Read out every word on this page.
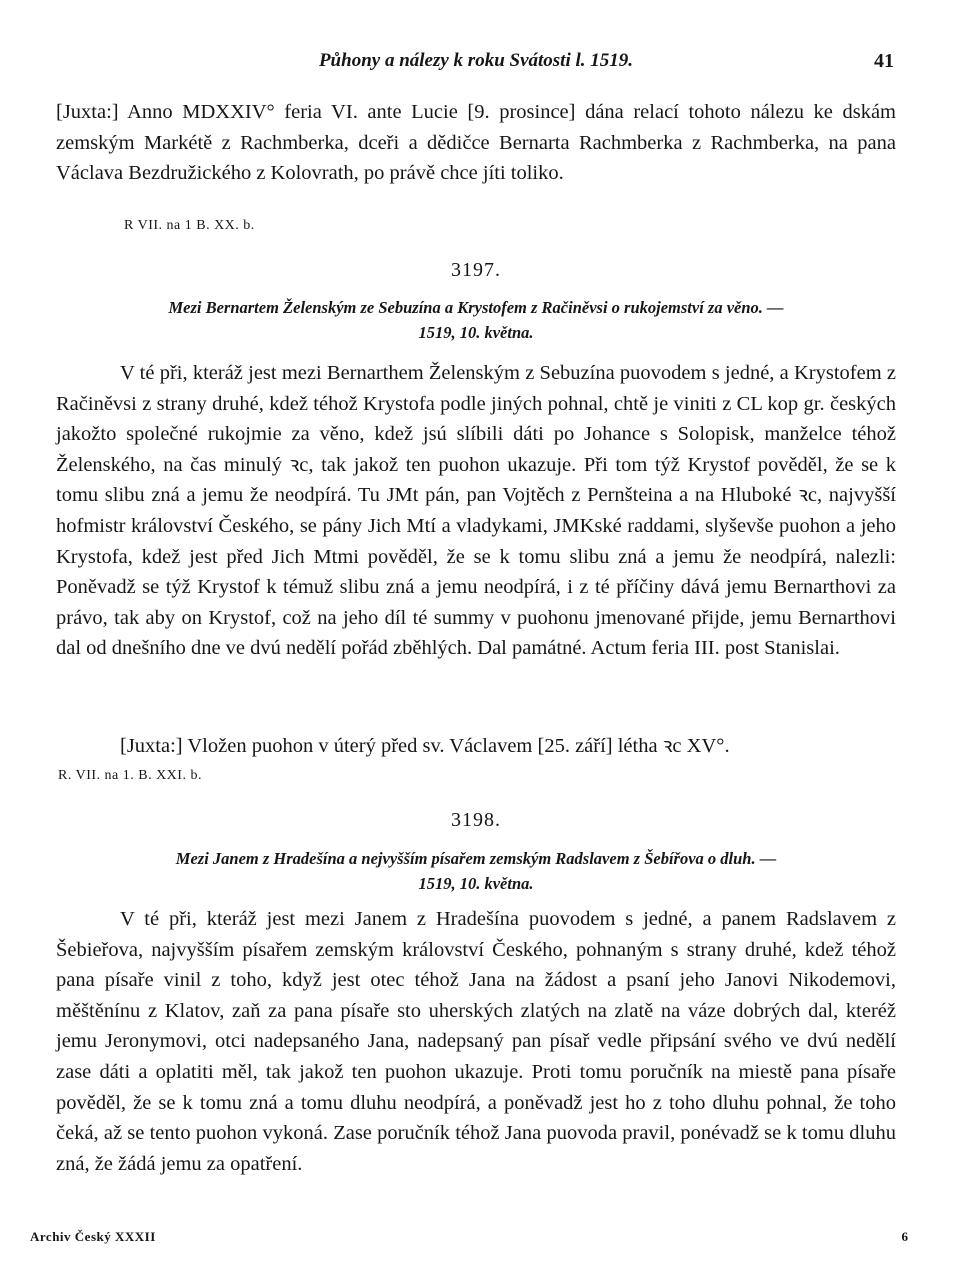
Půhony a nálezy k roku Svátosti l. 1519.	41

[Juxta:] Anno MDXXIV° feria VI. ante Lucie [9. prosince] dána relací tohoto nálezu ke dskám zemským Markétě z Rachmberka, dceři a dědičce Bernarta Rachmberka z Rachmberka, na pana Václava Bezdružického z Kolovrath, po právě chce jíti toliko.

R VII. na 1 B. XX. b.
3197.
Mezi Bernartem Želenským ze Sebuzína a Krystofem z Račiněvsi o rukojemství za věno. —
1519, 10. května.

V té při, kteráž jest mezi Bernarthem Želenským z Sebuzína puovodem s jedné, a Krystofem z Račiněvsi z strany druhé, kdež téhož Krystofa podle jiných pohnal, chtě je viniti z CL kop gr. českých jakožto společné rukojmie za věno, kdež jsú slíbili dáti po Johance s Solopisk, manželce téhož Želenského, na čas minulý ꝛc, tak jakož ten puohon ukazuje. Při tom týž Krystof pověděl, že se k tomu slibu zná a jemu že neodpírá. Tu JMt pán, pan Vojtěch z Pernšteina a na Hluboké ꝛc, najvyšší hofmistr království Českého, se pány Jich Mtí a vladykami, JMKské raddami, slyševše puohon a jeho Krystofa, kdež jest před Jich Mtmi pověděl, že se k tomu slibu zná a jemu že neodpírá, nalezli: Poněvadž se týž Krystof k témuž slibu zná a jemu neodpírá, i z té příčiny dává jemu Bernarthovi za právo, tak aby on Krystof, což na jeho díl té summy v puohonu jmenované přijde, jemu Bernarthovi dal od dnešního dne ve dvú nedělí pořád zběhlých. Dal památné. Actum feria III. post Stanislai.

[Juxta:] Vložen puohon v úterý před sv. Václavem [25. září] létha ꝛc XV°.

R. VII. na 1. B. XXI. b.
3198.
Mezi Janem z Hradešína a nejvyšším písařem zemským Radslavem z Šebířova o dluh. —
1519, 10. května.

V té při, kteráž jest mezi Janem z Hradešína puovodem s jedné, a panem Radslavem z Šebieřova, najvyšším písařem zemským království Českého, pohnaným s strany druhé, kdež téhož pana písaře vinil z toho, když jest otec téhož Jana na žádost a psaní jeho Janovi Nikodemovi, měštěnínu z Klatov, zaň za pana písaře sto uherských zlatých na zlatě na váze dobrých dal, kteréž jemu Jeronymovi, otci nadepsaného Jana, nadepsaný pan písař vedle připsání svého ve dvú nedělí zase dáti a oplatiti měl, tak jakož ten puohon ukazuje. Proti tomu poručník na miestě pana písaře pověděl, že se k tomu zná a tomu dluhu neodpírá, a poněvadž jest ho z toho dluhu pohnal, že toho čeká, až se tento puohon vykoná. Zase poručník téhož Jana puovoda pravil, ponévadž se k tomu dluhu zná, že žádá jemu za opatření.

Archiv Český XXXII	6
